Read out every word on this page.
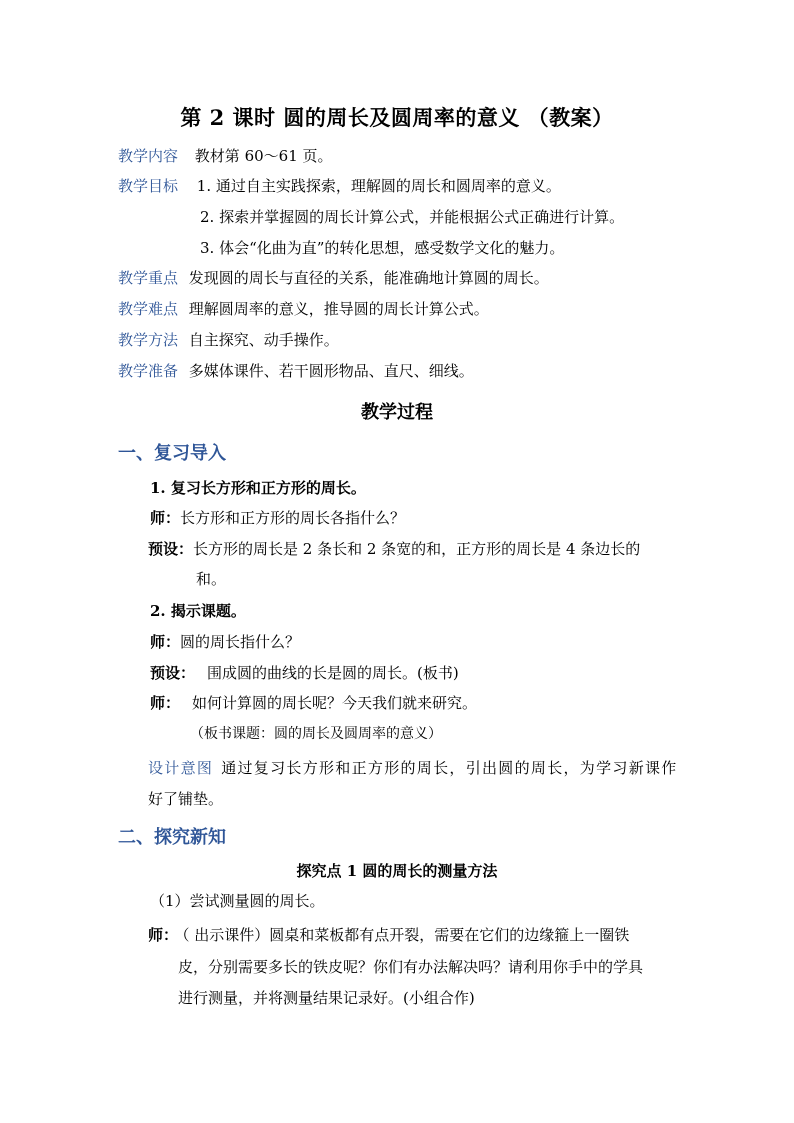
第 2 课时 圆的周长及圆周率的意义 （教案）
教学内容 教材第 60～61 页。
教学目标 1. 通过自主实践探索，理解圆的周长和圆周率的意义。
2. 探索并掌握圆的周长计算公式，并能根据公式正确进行计算。
3. 体会“化曲为直”的转化思想，感受数学文化的魅力。
教学重点 发现圆的周长与直径的关系，能准确地计算圆的周长。
教学难点 理解圆周率的意义，推导圆的周长计算公式。
教学方法 自主探究、动手操作。
教学准备 多媒体课件、若干圆形物品、直尺、细线。
教学过程
一、复习导入
1. 复习长方形和正方形的周长。
师：长方形和正方形的周长各指什么？
预设：长方形的周长是 2 条长和 2 条宽的和，正方形的周长是 4 条边长的
和。
2. 揭示课题。
师：圆的周长指什么？
预设： 围成圆的曲线的长是圆的周长。(板书)
师： 如何计算圆的周长呢？今天我们就来研究。
（板书课题：圆的周长及圆周率的意义）
设计意图 通过复习长方形和正方形的周长，引出圆的周长，为学习新课作
好了铺垫。
二、探究新知
探究点 1 圆的周长的测量方法
（1）尝试测量圆的周长。
师： （ 出示课件）圆桌和菜板都有点开裂，需要在它们的边缘箍上一圈铁
皮，分别需要多长的铁皮呢？你们有办法解决吗？请利用你手中的学具
进行测量，并将测量结果记录好。(小组合作)
